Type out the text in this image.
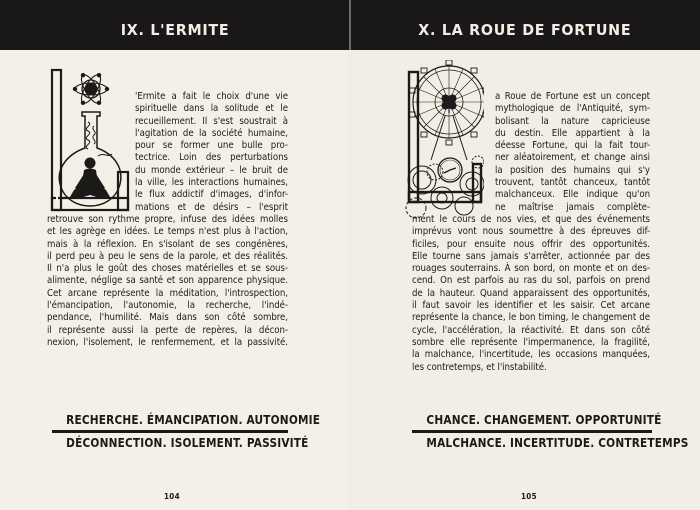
IX. L'ERMITE
'Ermite a fait le choix d'une vie
spirituelle dans la solitude et le
recueillement. Il s'est soustrait à
l'agitation de la société humaine,
pour se former une bulle pro-
tectrice. Loin des perturbations
du monde extérieur – le bruit de
la ville, les interactions humaines,
le flux addictif d'images, d'infor-
mations et de désirs – l'esprit
retrouve son rythme propre, infuse des idées molles
et les agrège en idées. Le temps n'est plus à l'action,
mais à la réflexion. En s'isolant de ses congénères,
il perd peu à peu le sens de la parole, et des réalités.
Il n'a plus le goût des choses matérielles et se sous-
alimente, néglige sa santé et son apparence physique.
Cet arcane représente la méditation, l'introspection,
l'émancipation, l'autonomie, la recherche, l'indé-
pendance, l'humilité. Mais dans son côté sombre,
il représente aussi la perte de repères, la décon-
nexion, l'isolement, le renfermement, et la passivité.
RECHERCHE. ÉMANCIPATION. AUTONOMIE
DÉCONNECTION. ISOLEMENT. PASSIVITÉ
104
X. LA ROUE DE FORTUNE
a Roue de Fortune est un concept
mythologique de l'Antiquité, sym-
bolisant la nature capricieuse
du destin. Elle appartient à la
déesse Fortune, qui la fait tour-
ner aléatoirement, et change ainsi
la position des humains qui s'y
trouvent, tantôt chanceux, tantôt
malchanceux. Elle indique qu'on
ne maîtrise jamais complète-
ment le cours de nos vies, et que des événements
imprévus vont nous soumettre à des épreuves dif-
ficiles, pour ensuite nous offrir des opportunités.
Elle tourne sans jamais s'arrêter, actionnée par des
rouages souterrains. À son bord, on monte et on des-
cend. On est parfois au ras du sol, parfois on prend
de la hauteur. Quand apparaissent des opportunités,
il faut savoir les identifier et les saisir. Cet arcane
représente la chance, le bon timing, le changement de
cycle, l'accélération, la réactivité. Et dans son côté
sombre elle représente l'impermanence, la fragilité,
la malchance, l'incertitude, les occasions manquées,
les contretemps, et l'instabilité.
CHANCE. CHANGEMENT. OPPORTUNITÉ
MALCHANCE. INCERTITUDE. CONTRETEMPS
105
